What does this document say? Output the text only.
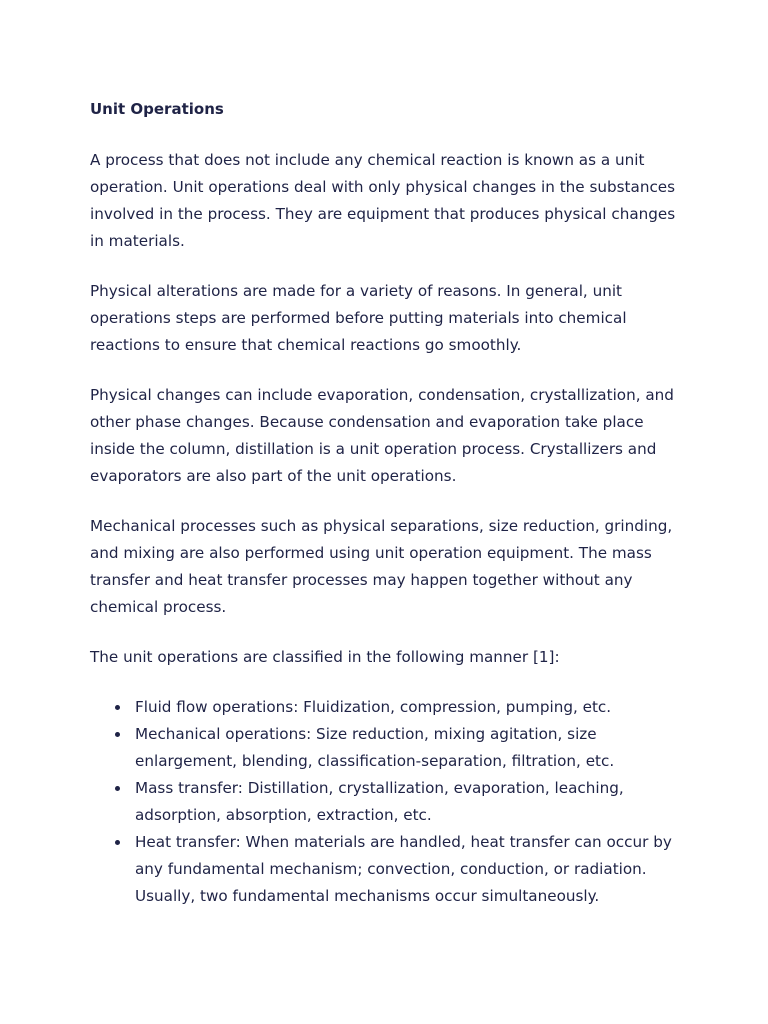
Unit Operations

A process that does not include any chemical reaction is known as a unit operation. Unit operations deal with only physical changes in the substances involved in the process. They are equipment that produces physical changes in materials.

Physical alterations are made for a variety of reasons. In general, unit operations steps are performed before putting materials into chemical reactions to ensure that chemical reactions go smoothly.

Physical changes can include evaporation, condensation, crystallization, and other phase changes. Because condensation and evaporation take place inside the column, distillation is a unit operation process. Crystallizers and evaporators are also part of the unit operations.

Mechanical processes such as physical separations, size reduction, grinding, and mixing are also performed using unit operation equipment. The mass transfer and heat transfer processes may happen together without any chemical process.

The unit operations are classified in the following manner [1]:

Fluid flow operations: Fluidization, compression, pumping, etc.
Mechanical operations: Size reduction, mixing agitation, size enlargement, blending, classification-separation, filtration, etc.
Mass transfer: Distillation, crystallization, evaporation, leaching, adsorption, absorption, extraction, etc.
Heat transfer: When materials are handled, heat transfer can occur by any fundamental mechanism; convection, conduction, or radiation. Usually, two fundamental mechanisms occur simultaneously.
